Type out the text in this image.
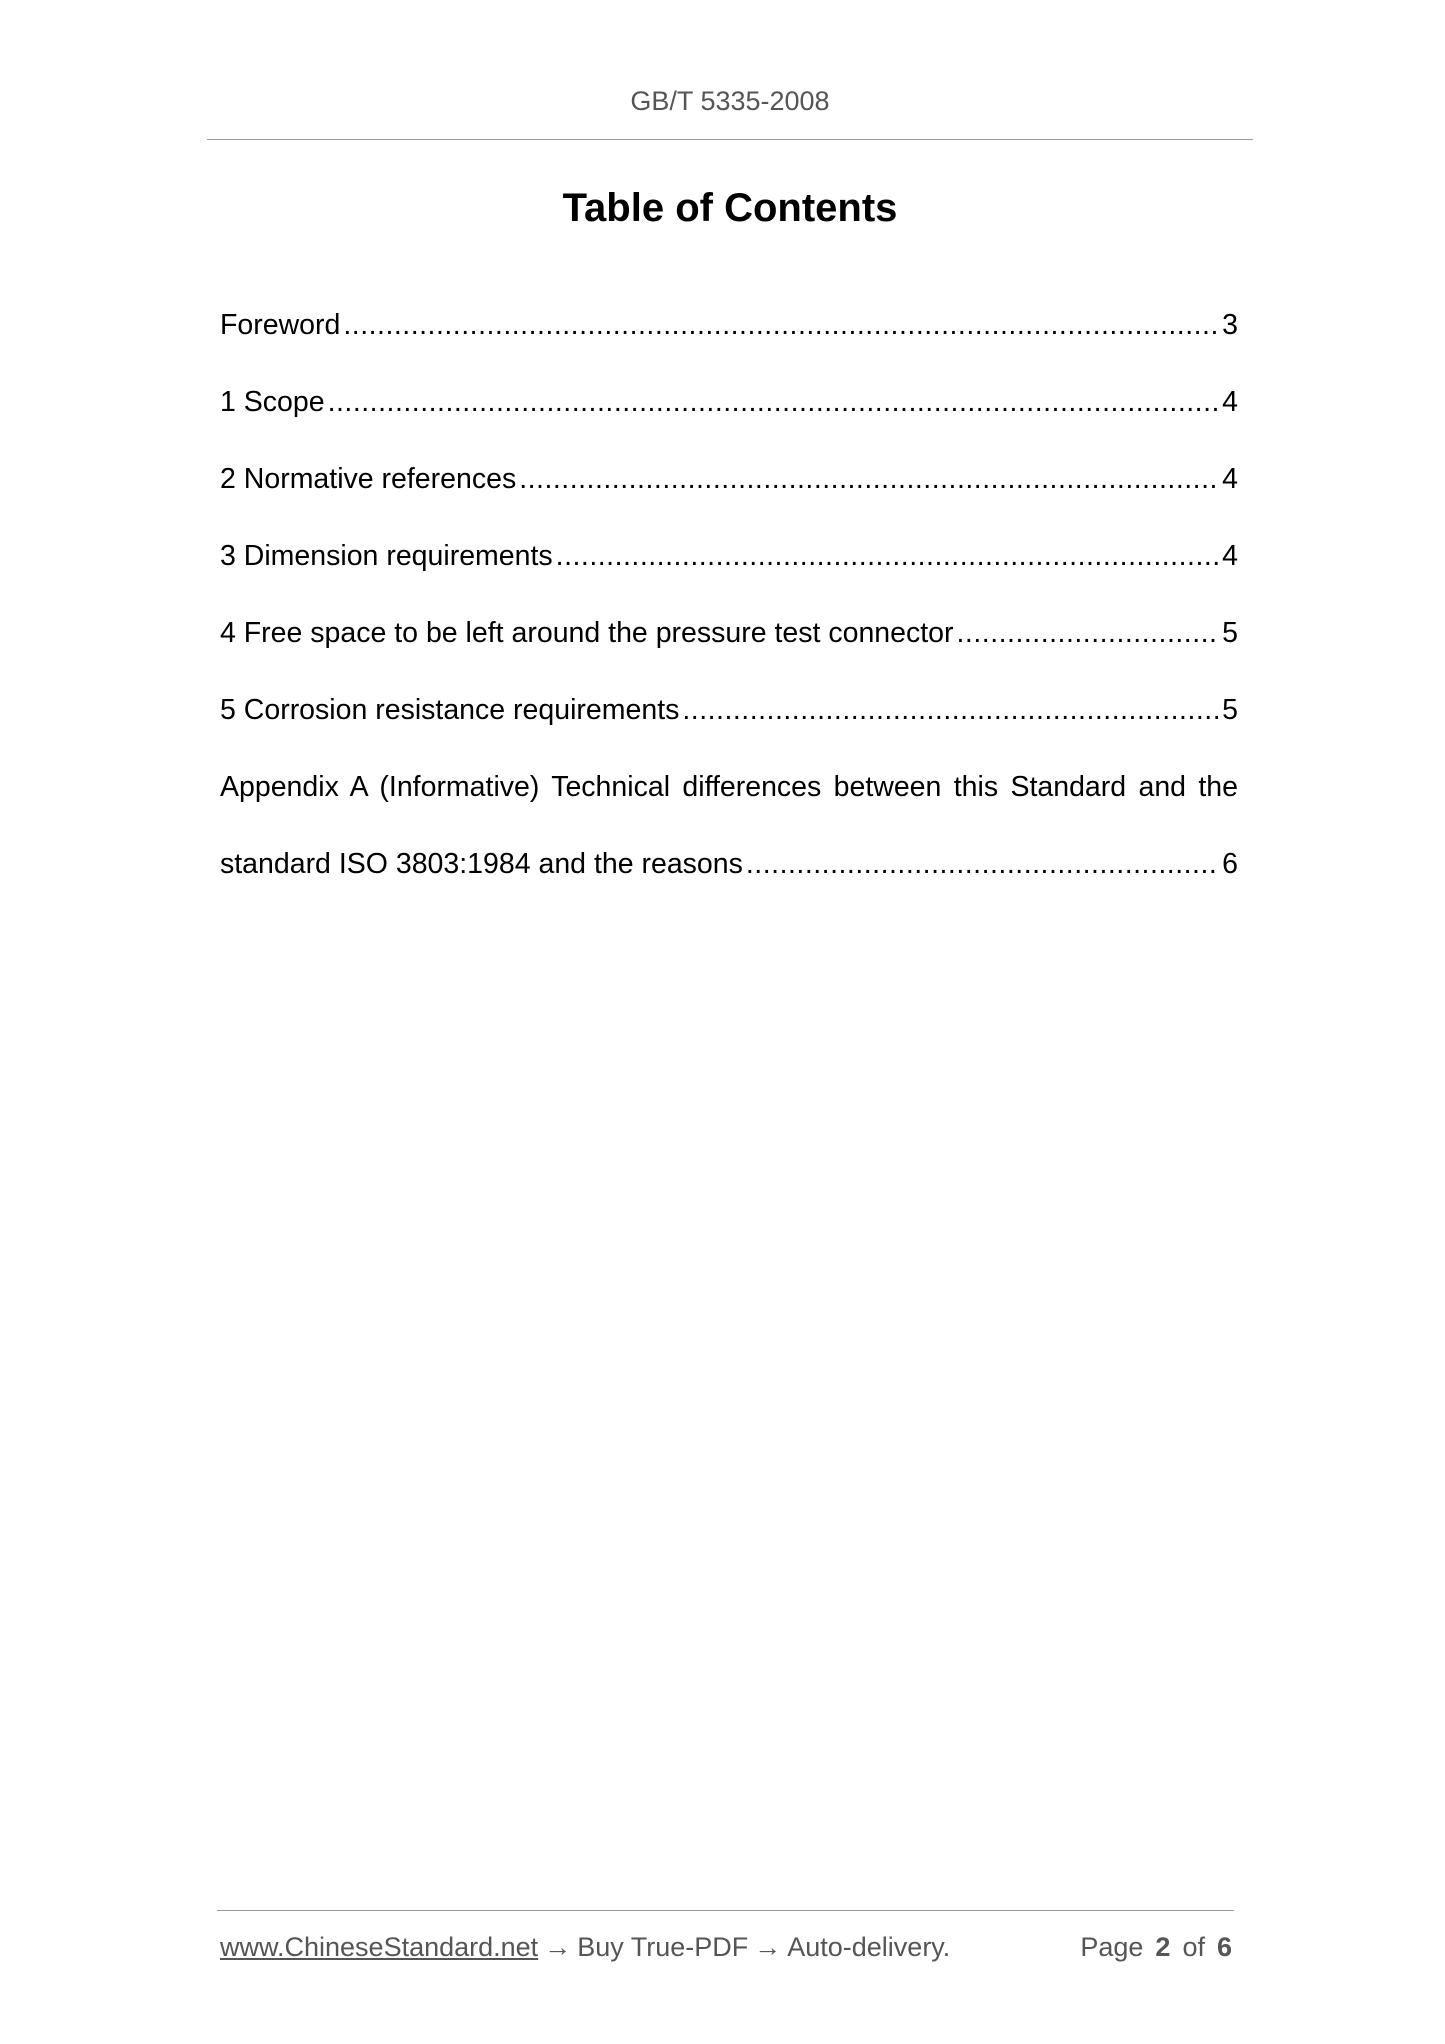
GB/T 5335-2008
Table of Contents
Foreword .....	3
1 Scope .....	4
2 Normative references .....	4
3 Dimension requirements .....	4
4 Free space to be left around the pressure test connector .....	5
5 Corrosion resistance requirements .....	5
Appendix A (Informative) Technical differences between this Standard and the
standard ISO 3803:1984 and the reasons .....	6
www.ChineseStandard.net → Buy True-PDF → Auto-delivery.	Page 2 of 6
